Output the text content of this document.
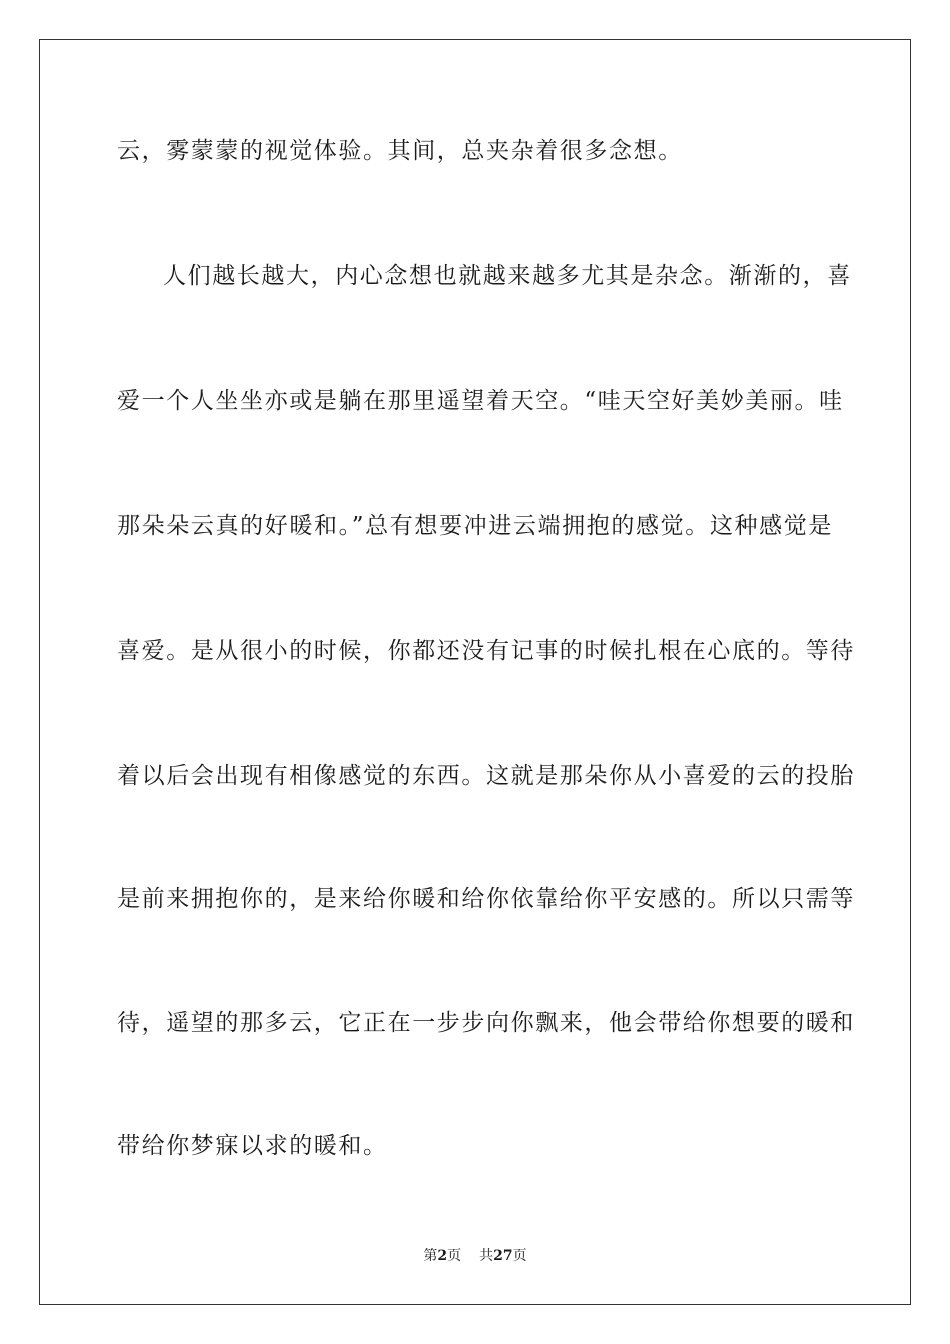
云，雾蒙蒙的视觉体验。其间，总夹杂着很多念想。
人们越长越大，内心念想也就越来越多尤其是杂念。渐渐的，喜
爱一个人坐坐亦或是躺在那里遥望着天空。“哇天空好美妙美丽。哇
那朵朵云真的好暖和。”总有想要冲进云端拥抱的感觉。这种感觉是
喜爱。是从很小的时候，你都还没有记事的时候扎根在心底的。等待
着以后会出现有相像感觉的东西。这就是那朵你从小喜爱的云的投胎
是前来拥抱你的，是来给你暖和给你依靠给你平安感的。所以只需等
待，遥望的那多云，它正在一步步向你飘来，他会带给你想要的暖和
带给你梦寐以求的暖和。
第2页 共27页
